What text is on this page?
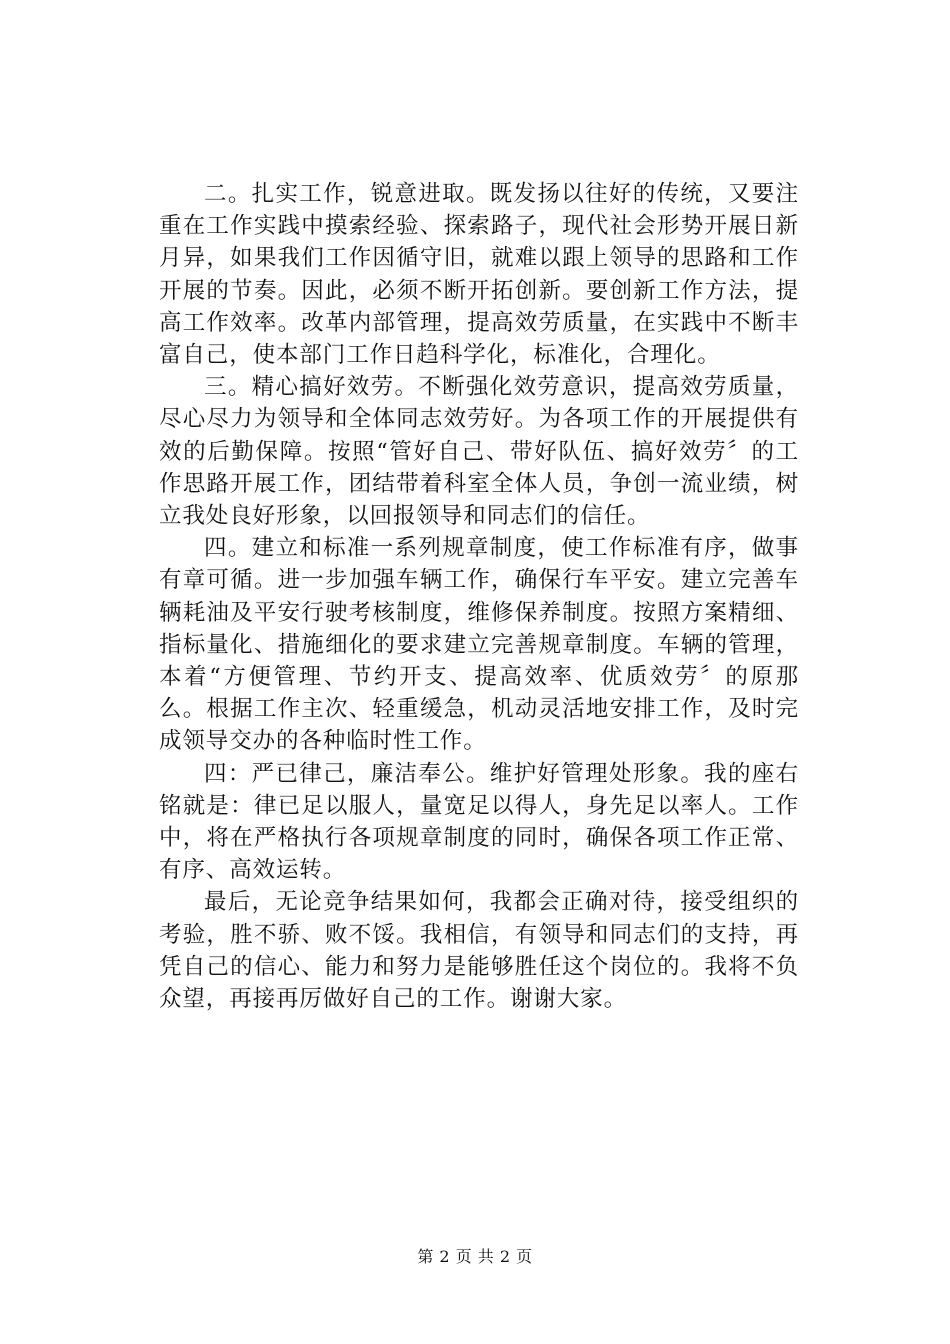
二。扎实工作，锐意进取。既发扬以往好的传统，又要注重在工作实践中摸索经验、探索路子，现代社会形势开展日新月异，如果我们工作因循守旧，就难以跟上领导的思路和工作开展的节奏。因此，必须不断开拓创新。要创新工作方法，提高工作效率。改革内部管理，提高效劳质量，在实践中不断丰富自己，使本部门工作日趋科学化，标准化，合理化。

三。精心搞好效劳。不断强化效劳意识，提高效劳质量，尽心尽力为领导和全体同志效劳好。为各项工作的开展提供有效的后勤保障。按照“管好自己、带好队伍、搞好效劳〞的工作思路开展工作，团结带着科室全体人员，争创一流业绩，树立我处良好形象，以回报领导和同志们的信任。

四。建立和标准一系列规章制度，使工作标准有序，做事有章可循。进一步加强车辆工作，确保行车平安。建立完善车辆耗油及平安行驶考核制度，维修保养制度。按照方案精细、指标量化、措施细化的要求建立完善规章制度。车辆的管理，本着“方便管理、节约开支、提高效率、优质效劳〞的原那么。根据工作主次、轻重缓急，机动灵活地安排工作，及时完成领导交办的各种临时性工作。

四：严已律己，廉洁奉公。维护好管理处形象。我的座右铭就是：律已足以服人，量宽足以得人，身先足以率人。工作中，将在严格执行各项规章制度的同时，确保各项工作正常、有序、高效运转。

最后，无论竞争结果如何，我都会正确对待，接受组织的考验，胜不骄、败不馁。我相信，有领导和同志们的支持，再凭自己的信心、能力和努力是能够胜任这个岗位的。我将不负众望，再接再厉做好自己的工作。谢谢大家。

第 2 页 共 2 页
